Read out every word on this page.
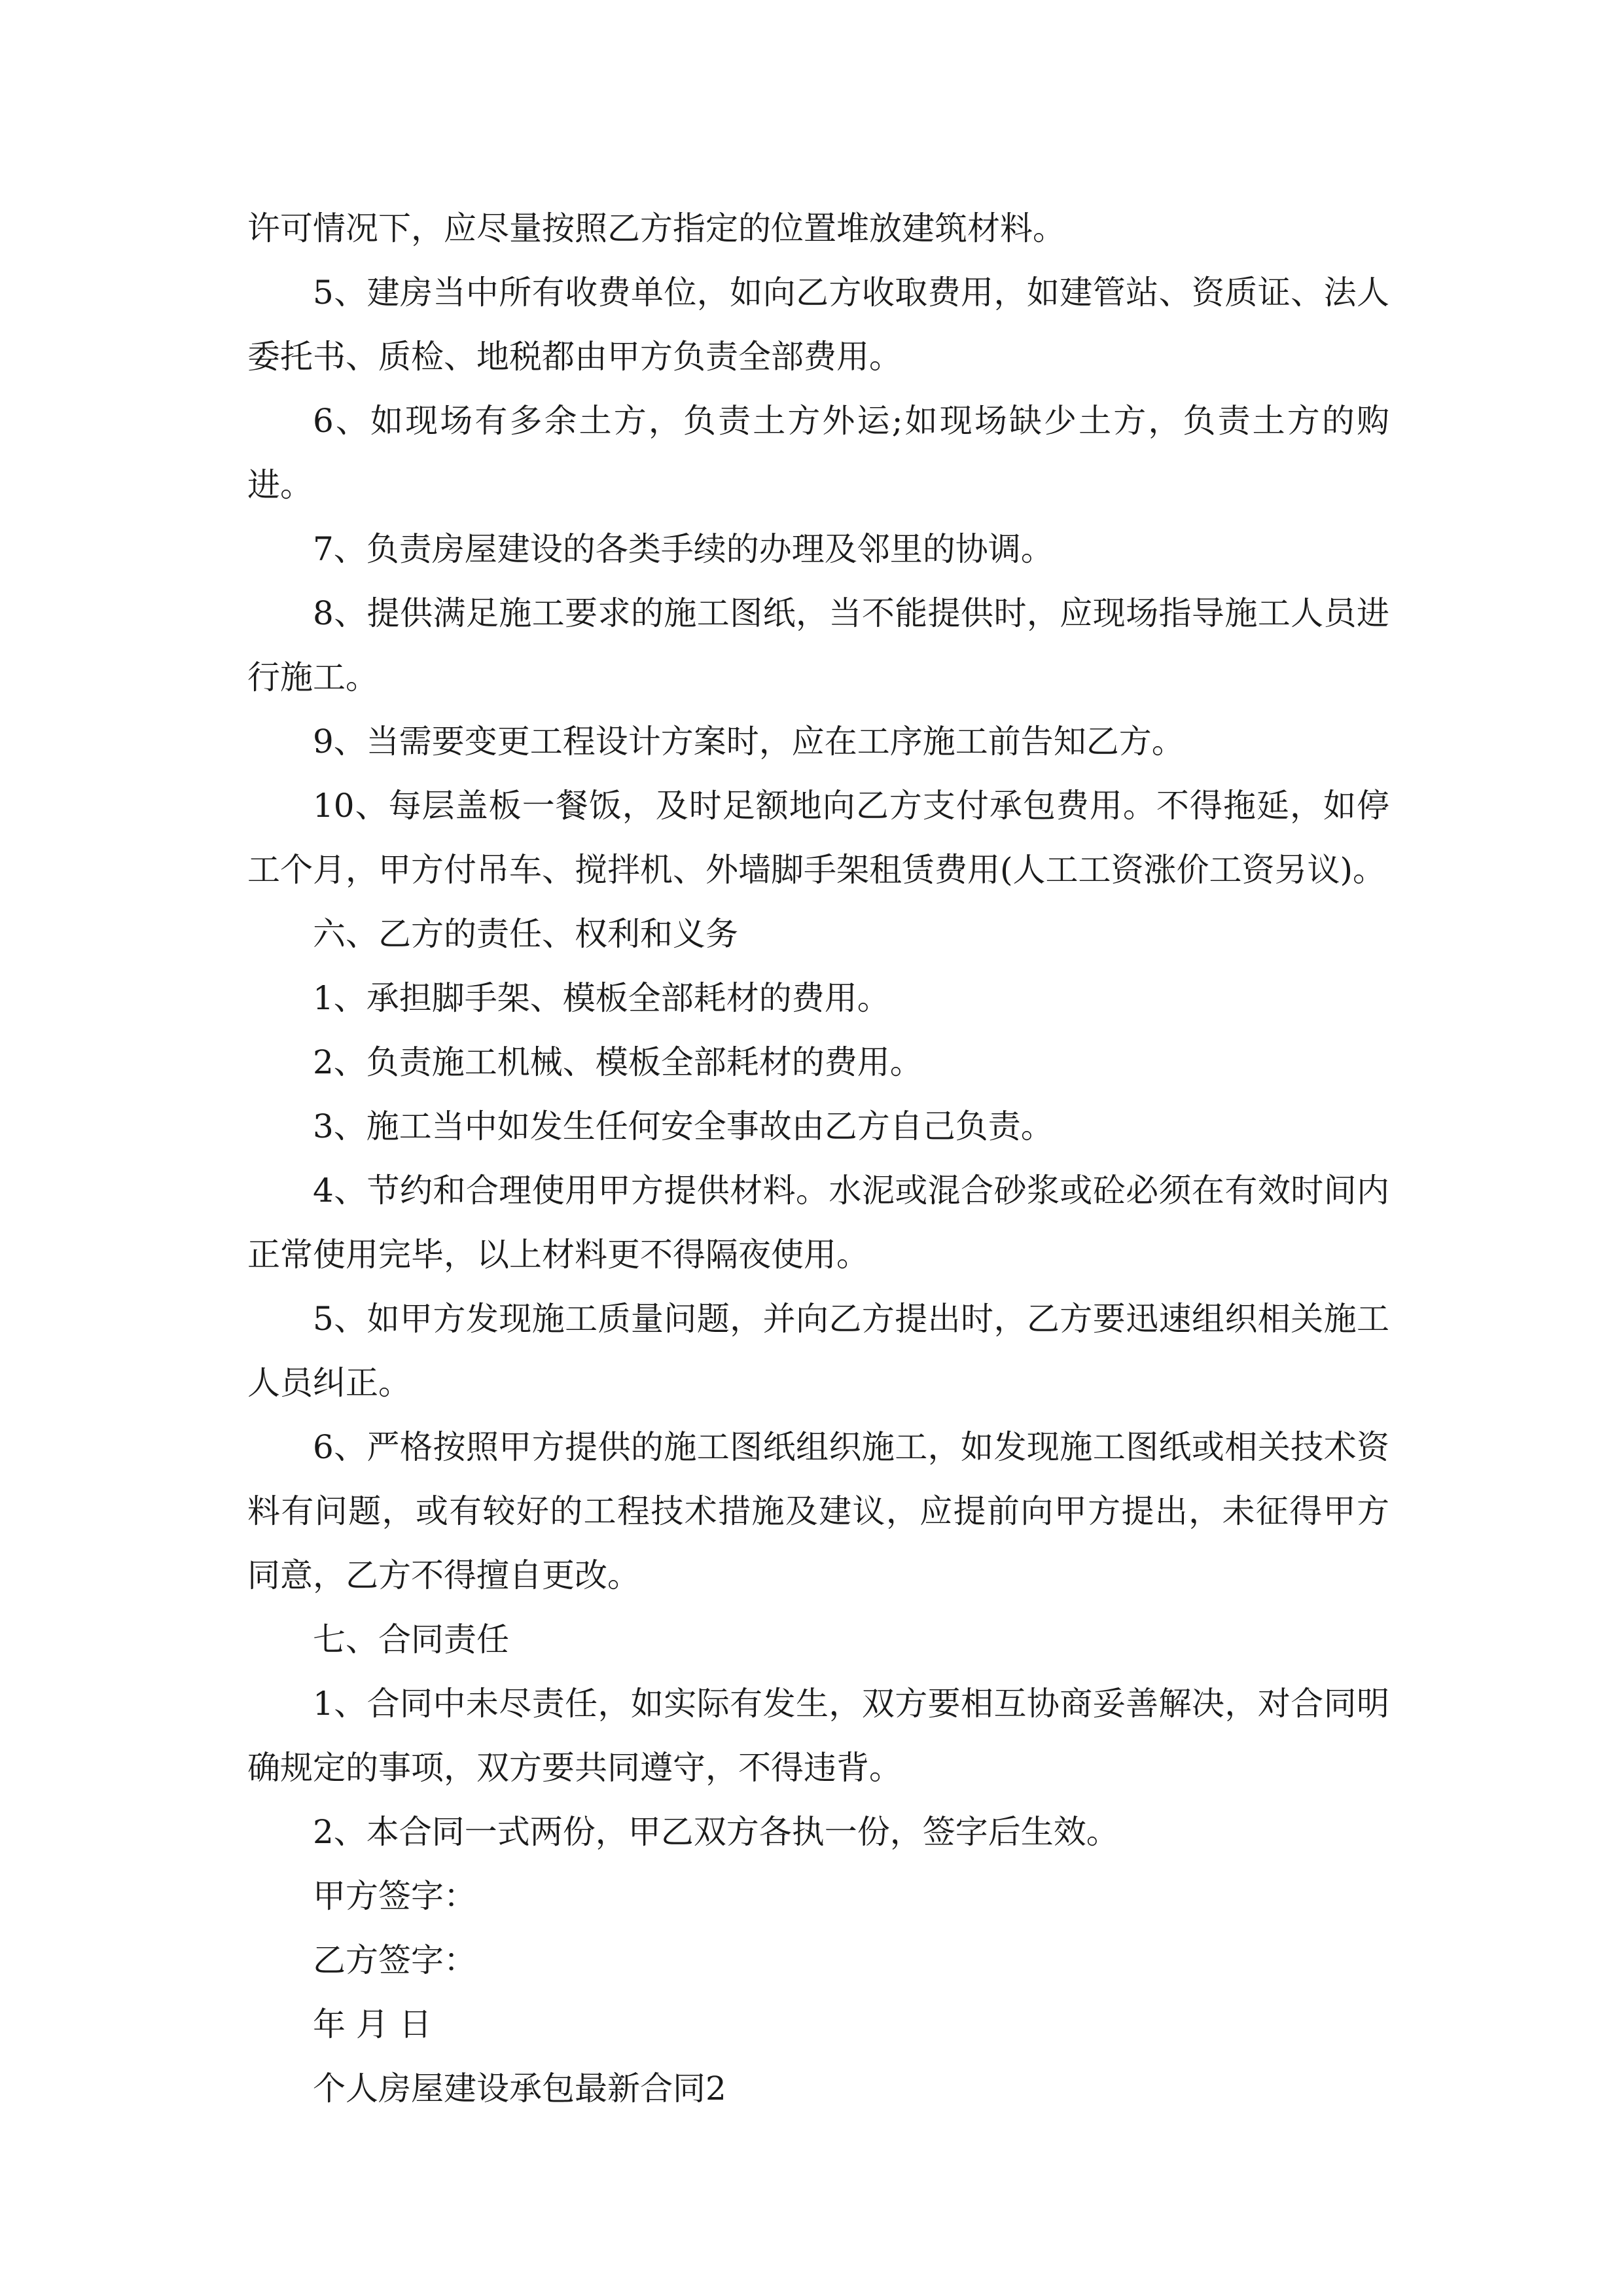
许可情况下，应尽量按照乙方指定的位置堆放建筑材料。

5、建房当中所有收费单位，如向乙方收取费用，如建管站、资质证、法人委托书、质检、地税都由甲方负责全部费用。

6、如现场有多余土方，负责土方外运;如现场缺少土方，负责土方的购进。

7、负责房屋建设的各类手续的办理及邻里的协调。

8、提供满足施工要求的施工图纸，当不能提供时，应现场指导施工人员进行施工。

9、当需要变更工程设计方案时，应在工序施工前告知乙方。

10、每层盖板一餐饭，及时足额地向乙方支付承包费用。不得拖延，如停工个月，甲方付吊车、搅拌机、外墙脚手架租赁费用(人工工资涨价工资另议)。

六、乙方的责任、权利和义务

1、承担脚手架、模板全部耗材的费用。

2、负责施工机械、模板全部耗材的费用。

3、施工当中如发生任何安全事故由乙方自己负责。

4、节约和合理使用甲方提供材料。水泥或混合砂浆或砼必须在有效时间内正常使用完毕，以上材料更不得隔夜使用。

5、如甲方发现施工质量问题，并向乙方提出时，乙方要迅速组织相关施工人员纠正。

6、严格按照甲方提供的施工图纸组织施工，如发现施工图纸或相关技术资料有问题，或有较好的工程技术措施及建议，应提前向甲方提出，未征得甲方同意，乙方不得擅自更改。

七、合同责任

1、合同中未尽责任，如实际有发生，双方要相互协商妥善解决，对合同明确规定的事项，双方要共同遵守，不得违背。

2、本合同一式两份，甲乙双方各执一份，签字后生效。

甲方签字：

乙方签字：

年 月 日

个人房屋建设承包最新合同2
